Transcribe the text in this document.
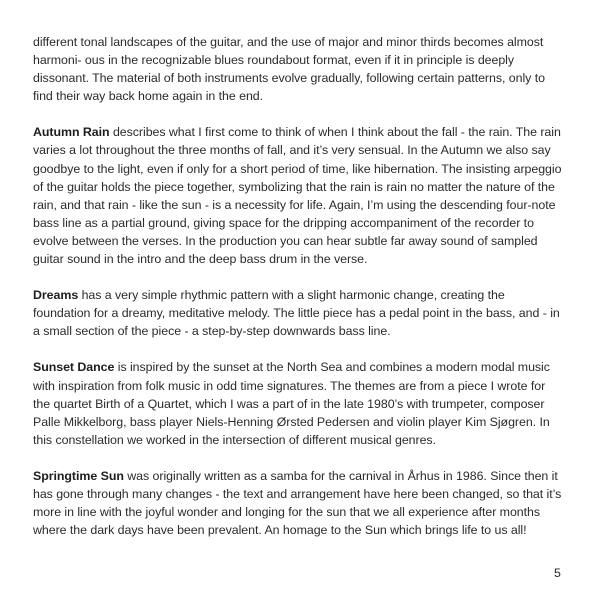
different tonal landscapes of the guitar, and the use of major and minor thirds becomes almost harmoni- ous in the recognizable blues roundabout format, even if it in principle is deeply dissonant. The material of both instruments evolve gradually, following certain patterns, only to find their way back home again in the end.

Autumn Rain describes what I first come to think of when I think about the fall - the rain. The rain varies a lot throughout the three months of fall, and it’s very sensual. In the Autumn we also say goodbye to the light, even if only for a short period of time, like hibernation. The insisting arpeggio of the guitar holds the piece together, symbolizing that the rain is rain no matter the nature of the rain, and that rain - like the sun - is a necessity for life. Again, I’m using the descending four-note bass line as a partial ground, giving space for the dripping accompaniment of the recorder to evolve between the verses. In the production you can hear subtle far away sound of sampled guitar sound in the intro and the deep bass drum in the verse.

Dreams has a very simple rhythmic pattern with a slight harmonic change, creating the foundation for a dreamy, meditative melody. The little piece has a pedal point in the bass, and - in a small section of the piece - a step-by-step downwards bass line.

Sunset Dance is inspired by the sunset at the North Sea and combines a modern modal music with inspiration from folk music in odd time signatures. The themes are from a piece I wrote for the quartet Birth of a Quartet, which I was a part of in the late 1980’s with trumpeter, composer Palle Mikkelborg, bass player Niels-Henning Ørsted Pedersen and violin player Kim Sjøgren. In this constellation we worked in the intersection of different musical genres.

Springtime Sun was originally written as a samba for the carnival in Århus in 1986. Since then it has gone through many changes - the text and arrangement have here been changed, so that it’s more in line with the joyful wonder and longing for the sun that we all experience after months where the dark days have been prevalent. An homage to the Sun which brings life to us all!

5
